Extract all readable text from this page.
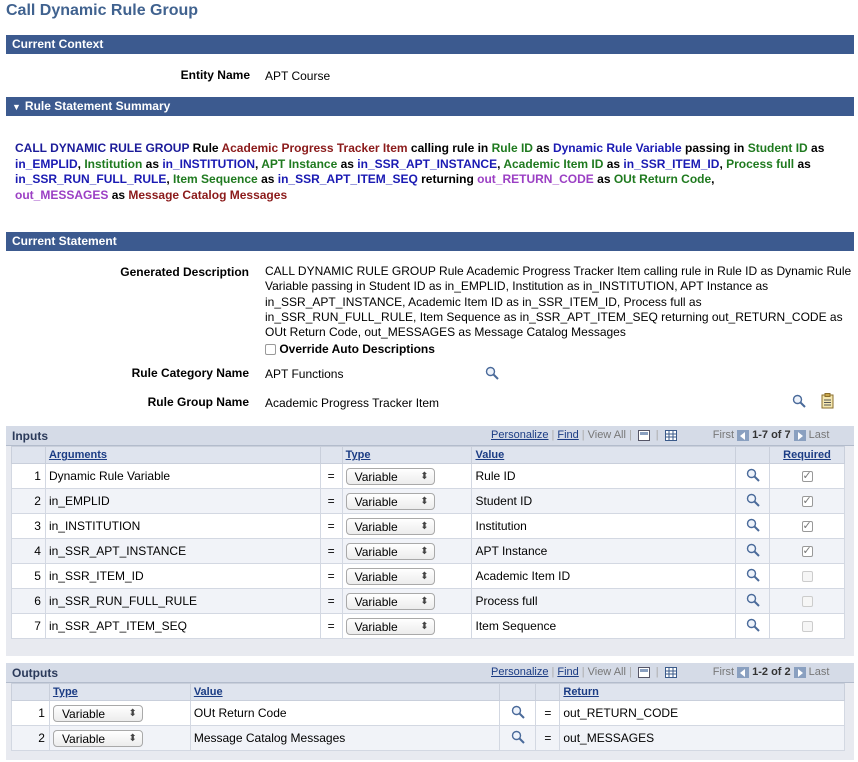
Call Dynamic Rule Group
Current Context
Entity Name APT Course
▼ Rule Statement Summary
CALL DYNAMIC RULE GROUP Rule Academic Progress Tracker Item calling rule in Rule ID as Dynamic Rule Variable passing in Student ID as in_EMPLID, Institution as in_INSTITUTION, APT Instance as in_SSR_APT_INSTANCE, Academic Item ID as in_SSR_ITEM_ID, Process full as in_SSR_RUN_FULL_RULE, Item Sequence as in_SSR_APT_ITEM_SEQ returning out_RETURN_CODE as OUt Return Code,
out_MESSAGES as Message Catalog Messages
Current Statement
Generated Description CALL DYNAMIC RULE GROUP Rule Academic Progress Tracker Item calling rule in Rule ID as Dynamic Rule Variable passing in Student ID as in_EMPLID, Institution as in_INSTITUTION, APT Instance as in_SSR_APT_INSTANCE, Academic Item ID as in_SSR_ITEM_ID, Process full as in_SSR_RUN_FULL_RULE, Item Sequence as in_SSR_APT_ITEM_SEQ returning out_RETURN_CODE as OUt Return Code, out_MESSAGES as Message Catalog Messages
Override Auto Descriptions
Rule Category Name APT Functions
Rule Group Name Academic Progress Tracker Item
Inputs	Personalize | Find | View All | |	First 1-7 of 7 Last
	Arguments		Type	Value		Required
1	Dynamic Rule Variable	=	Variable ⬍	Rule ID		✓
2	in_EMPLID	=	Variable ⬍	Student ID		✓
3	in_INSTITUTION	=	Variable ⬍	Institution		✓
4	in_SSR_APT_INSTANCE	=	Variable ⬍	APT Instance		✓
5	in_SSR_ITEM_ID	=	Variable ⬍	Academic Item ID		
6	in_SSR_RUN_FULL_RULE	=	Variable ⬍	Process full		
7	in_SSR_APT_ITEM_SEQ	=	Variable ⬍	Item Sequence		
Outputs	Personalize | Find | View All | |	First 1-2 of 2 Last
	Type	Value			Return
1	Variable ⬍	OUt Return Code		=	out_RETURN_CODE
2	Variable ⬍	Message Catalog Messages		=	out_MESSAGES
